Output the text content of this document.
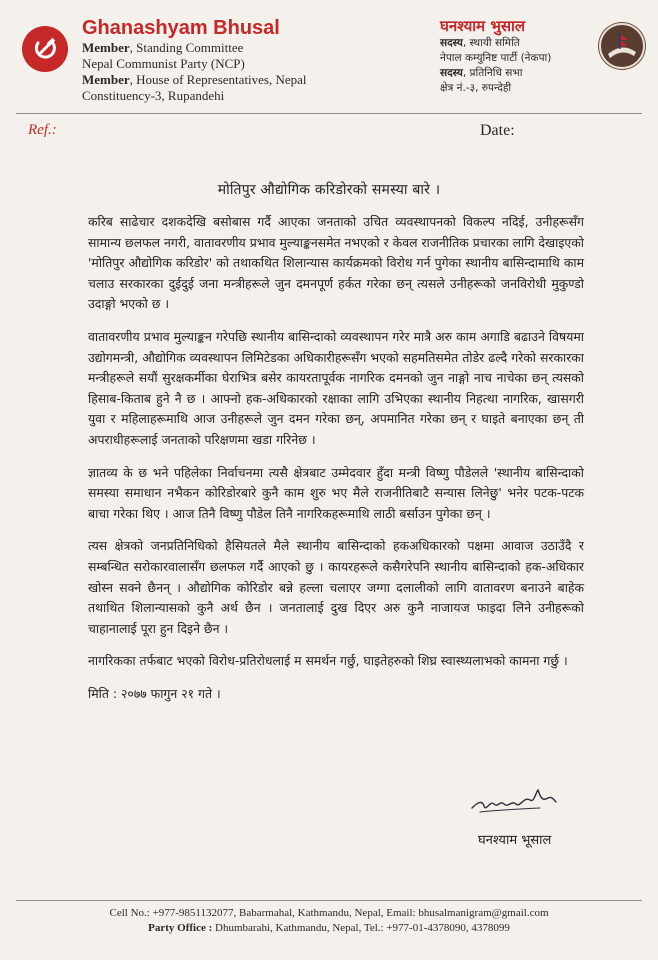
Ghanashyam Bhusal
Member, Standing Committee
Nepal Communist Party (NCP)
Member, House of Representatives, Nepal
Constituency-3, Rupandehi
घनश्याम भुसाल
सदस्य, स्थायी समिति
नेपाल कम्युनिष्ट पार्टी (नेकपा)
सदस्य, प्रतिनिधि सभा
क्षेत्र नं.-३, रुपन्देही
Ref.:	Date:
मोतिपुर औद्योगिक करिडोरको समस्या बारे ।

करिब साढेचार दशकदेखि बसोबास गर्दै आएका जनताको उचित व्यवस्थापनको विकल्प नदिई, उनीहरूसँग सामान्य छलफल नगरी, वातावरणीय प्रभाव मुल्याङ्कनसमेत नभएको र केवल राजनीतिक प्रचारका लागि देखाइएको 'मोतिपुर औद्योगिक करिडोर' को तथाकथित शिलान्यास कार्यक्रमको विरोध गर्न पुगेका स्थानीय बासिन्दामाथि काम चलाउ सरकारका दुईदुई जना मन्त्रीहरूले जुन दमनपूर्ण हर्कत गरेका छन् त्यसले उनीहरूको जनविरोधी मुकुण्डो उदाङ्गो भएको छ ।

वातावरणीय प्रभाव मुल्याङ्कन गरेपछि स्थानीय बासिन्दाको व्यवस्थापन गरेर मात्रै अरु काम अगाडि बढाउने विषयमा उद्योगमन्त्री, औद्योगिक व्यवस्थापन लिमिटेडका अधिकारीहरूसँग भएको सहमतिसमेत तोडेर ढल्दै गरेको सरकारका मन्त्रीहरूले सयौं सुरक्षकर्मीका घेराभित्र बसेर कायरतापूर्वक नागरिक दमनको जुन नाङ्गो नाच नाचेका छन् त्यसको हिसाब-किताब हुने नै छ । आफ्नो हक-अधिकारको रक्षाका लागि उभिएका स्थानीय निहत्था नागरिक, खासगरी युवा र महिलाहरूमाथि आज उनीहरूले जुन दमन गरेका छन्, अपमानित गरेका छन् र घाइते बनाएका छन् ती अपराधीहरूलाई जनताको परिक्षणमा खडा गरिनेछ ।

ज्ञातव्य के छ भने पहिलेका निर्वाचनमा त्यसै क्षेत्रबाट उम्मेदवार हुँदा मन्त्री विष्णु पौडेलले 'स्थानीय बासिन्दाको समस्या समाधान नभैकन कोरिडोरबारे कुनै काम शुरु भए मैले राजनीतिबाटै सन्यास लिनेछु' भनेर पटक-पटक बाचा गरेका थिए । आज तिनै विष्णु पौडेल तिनै नागरिकहरूमाथि लाठी बर्साउन पुगेका छन् ।

त्यस क्षेत्रको जनप्रतिनिधिको हैसियतले मैले स्थानीय बासिन्दाको हकअधिकारको पक्षमा आवाज उठाउँदै र सम्बन्धित सरोकारवालासँग छलफल गर्दै आएको छु । कायरहरूले कसैगरेपनि स्थानीय बासिन्दाको हक-अधिकार खोस्न सक्ने छैनन् । औद्योगिक कोरिडोर बन्ने हल्ला चलाएर जग्गा दलालीको लागि वातावरण बनाउने बाहेक तथाथित शिलान्यासको कुनै अर्थ छैन । जनतालाई दुख दिएर अरु कुनै नाजायज फाइदा लिने उनीहरूको चाहानालाई पूरा हुन दिइने छैन ।

नागरिकका तर्फबाट भएको विरोध-प्रतिरोधलाई म समर्थन गर्छु, घाइतेहरुको शिघ्र स्वास्थ्यलाभको कामना गर्छु ।

मिति : २०७७ फागुन २१ गते ।
घनश्याम भूसाल
Cell No.: +977-9851132077, Babarmahal, Kathmandu, Nepal, Email: bhusalmanigram@gmail.com
Party Office : Dhumbarahi, Kathmandu, Nepal, Tel.: +977-01-4378090, 4378099
